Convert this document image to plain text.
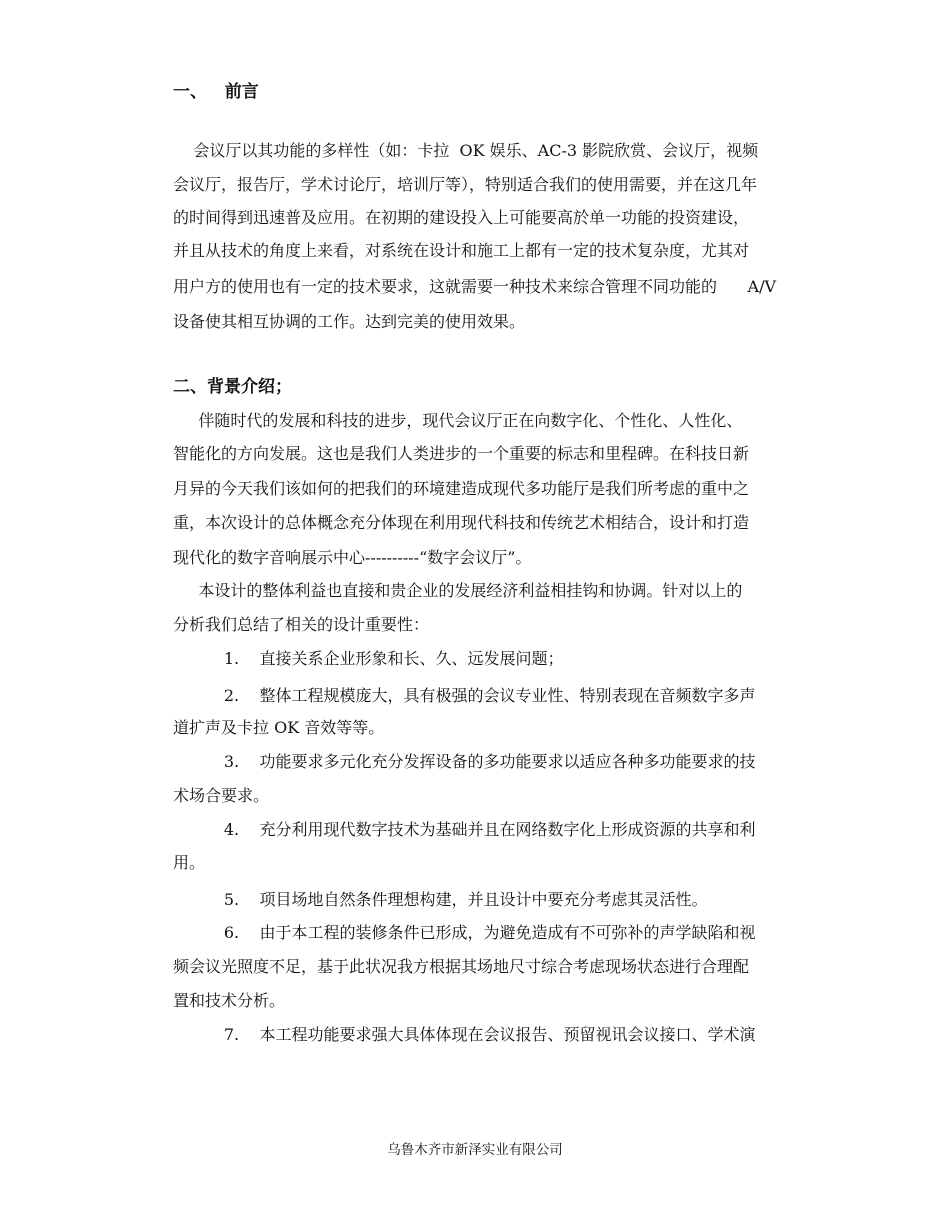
一、   前言
会议厅以其功能的多样性（如：卡拉  OK 娱乐、AC-3 影院欣赏、会议厅，视频
会议厅，报告厅，学术讨论厅，培训厅等），特别适合我们的使用需要，并在这几年
的时间得到迅速普及应用。在初期的建设投入上可能要高於单一功能的投资建设，
并且从技术的角度上来看，对系统在设计和施工上都有一定的技术复杂度，尤其对
用户方的使用也有一定的技术要求，这就需要一种技术来综合管理不同功能的      A/V
设备使其相互协调的工作。达到完美的使用效果。
二、背景介绍；
伴随时代的发展和科技的进步，现代会议厅正在向数字化、个性化、人性化、
智能化的方向发展。这也是我们人类进步的一个重要的标志和里程碑。在科技日新
月异的今天我们该如何的把我们的环境建造成现代多功能厅是我们所考虑的重中之
重，本次设计的总体概念充分体现在利用现代科技和传统艺术相结合，设计和打造
现代化的数字音响展示中心----------“数字会议厅”。
本设计的整体利益也直接和贵企业的发展经济利益相挂钩和协调。针对以上的
分析我们总结了相关的设计重要性：
1.    直接关系企业形象和长、久、远发展问题；
2.    整体工程规模庞大，具有极强的会议专业性、特别表现在音频数字多声
道扩声及卡拉 OK 音效等等。
3.    功能要求多元化充分发挥设备的多功能要求以适应各种多功能要求的技
术场合要求。
4.    充分利用现代数字技术为基础并且在网络数字化上形成资源的共享和利
用。
5.    项目场地自然条件理想构建，并且设计中要充分考虑其灵活性。
6.    由于本工程的装修条件已形成，为避免造成有不可弥补的声学缺陷和视
频会议光照度不足，基于此状况我方根据其场地尺寸综合考虑现场状态进行合理配
置和技术分析。
7.    本工程功能要求强大具体体现在会议报告、预留视讯会议接口、学术演
乌鲁木齐市新泽实业有限公司
